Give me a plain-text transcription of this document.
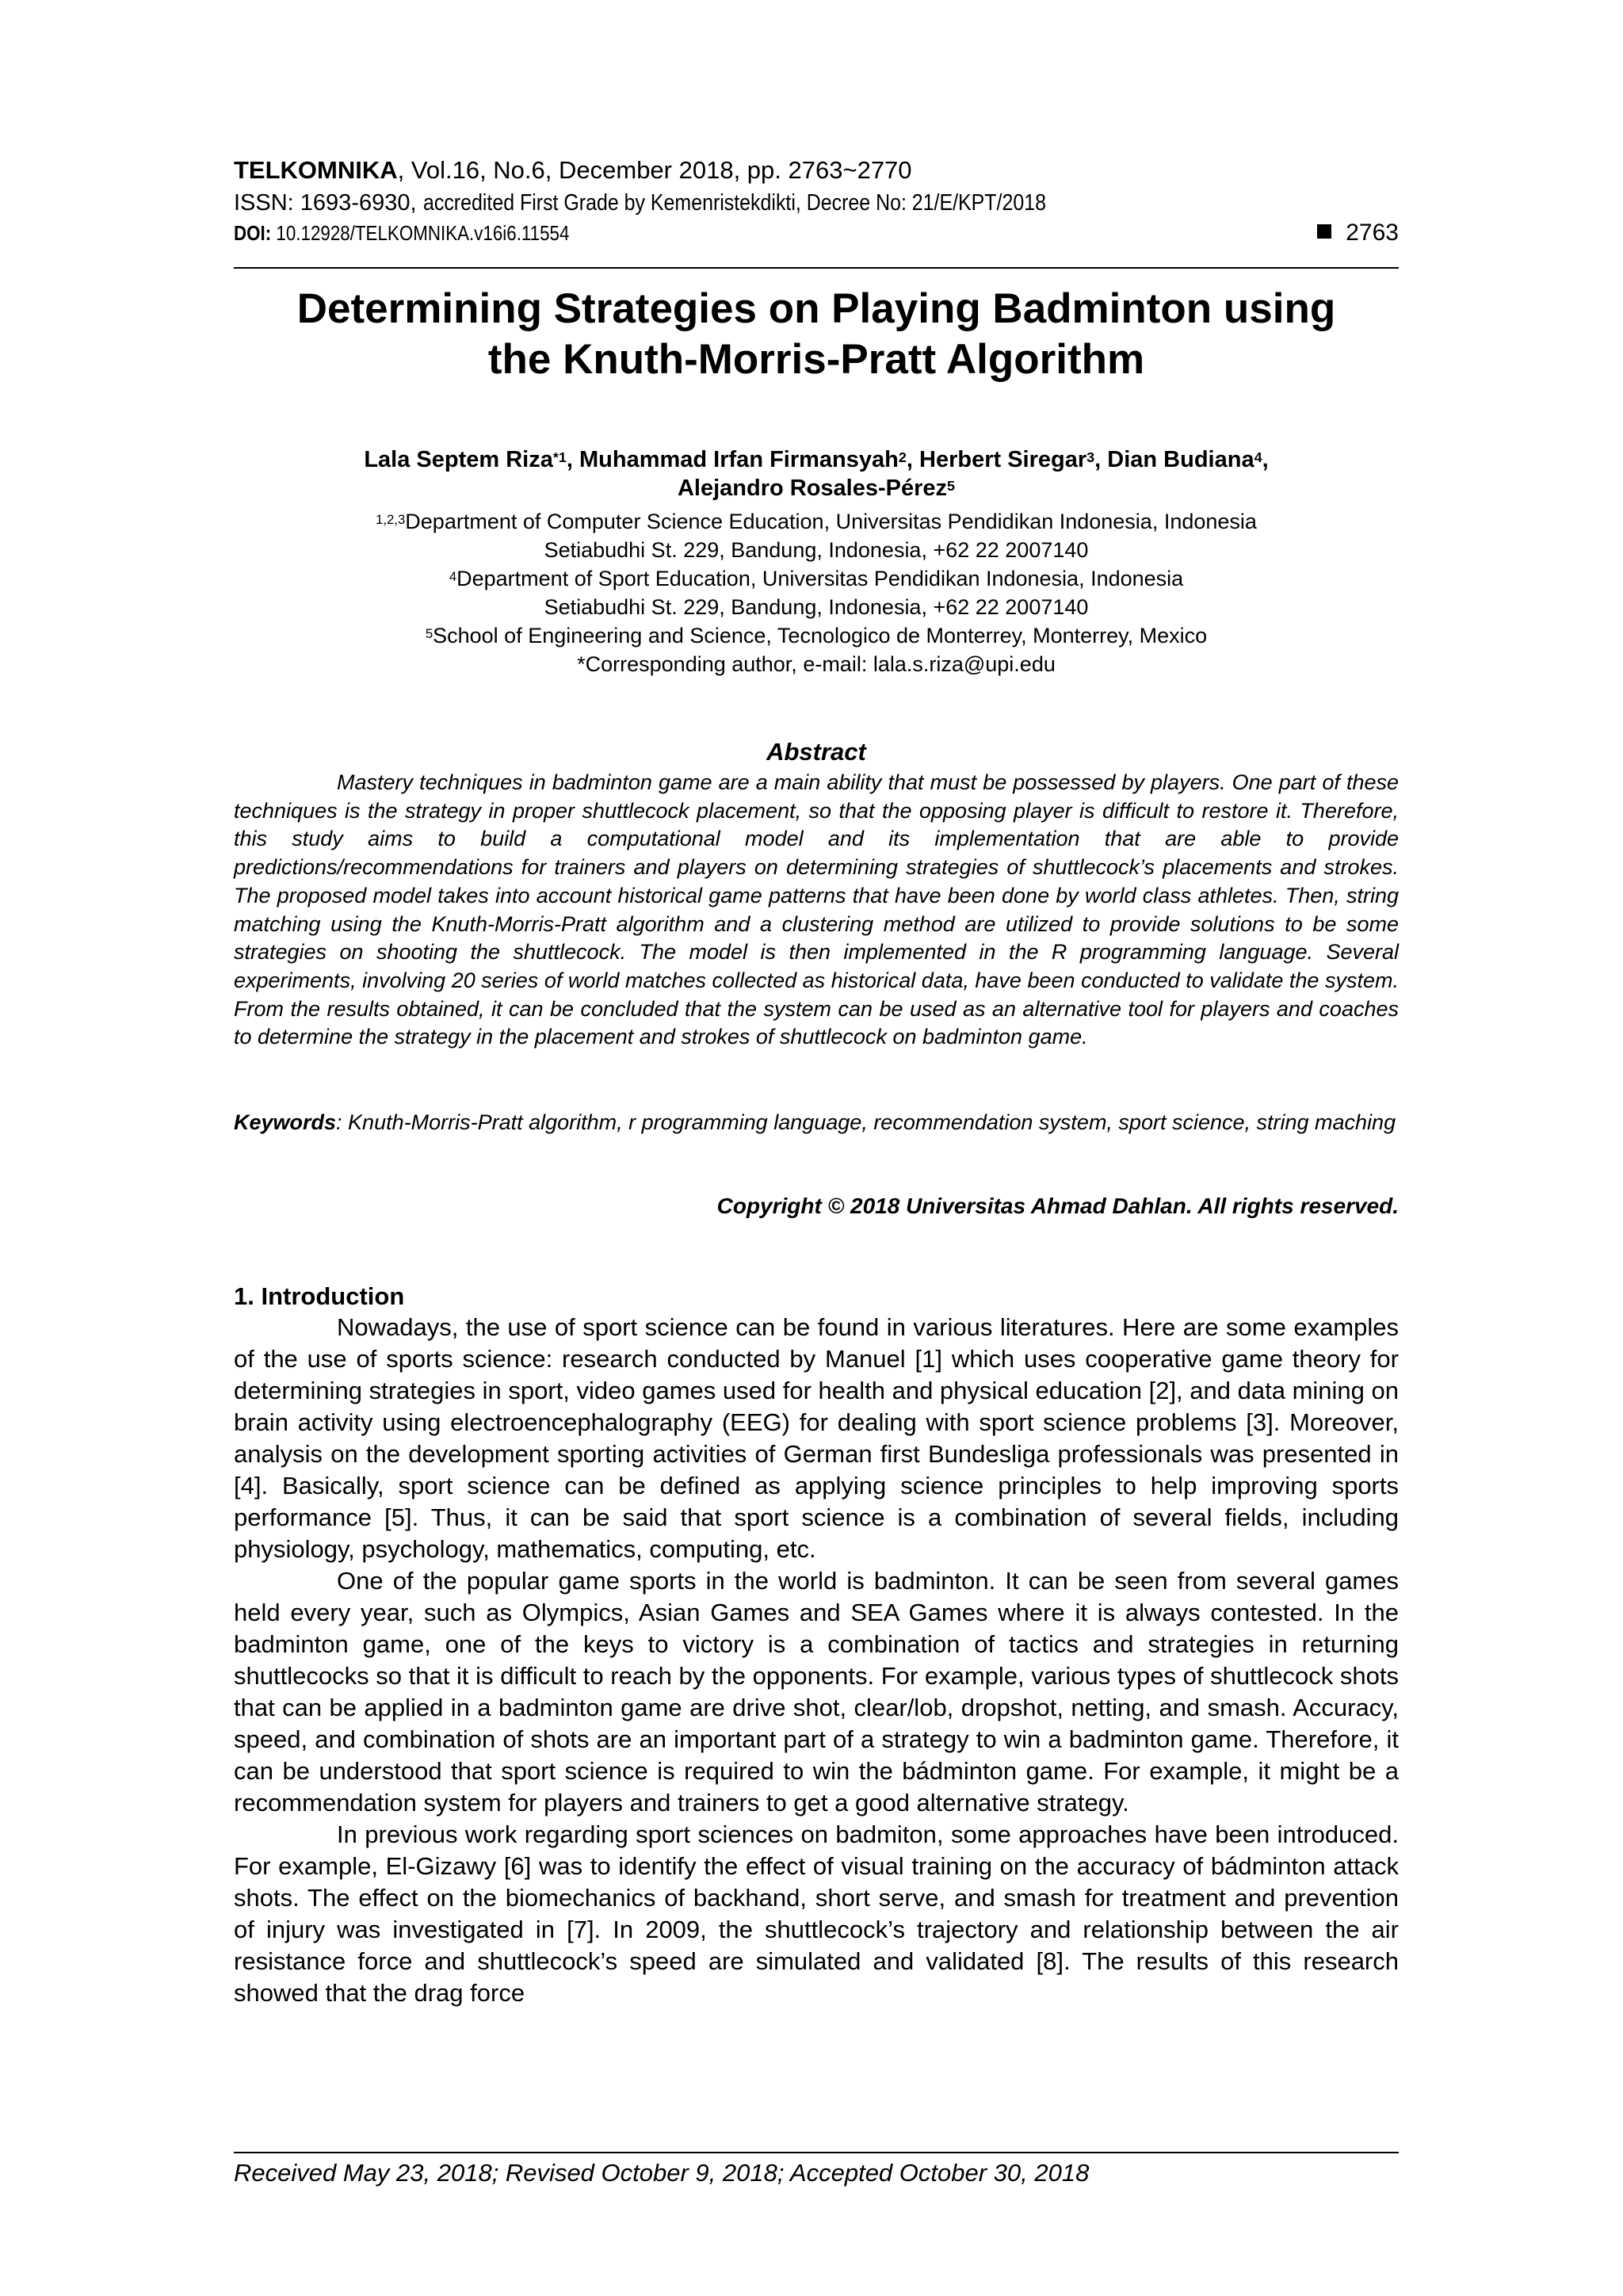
TELKOMNIKA, Vol.16, No.6, December 2018, pp. 2763~2770
ISSN: 1693-6930, accredited First Grade by Kemenristekdikti, Decree No: 21/E/KPT/2018
DOI: 10.12928/TELKOMNIKA.v16i6.11554	2763
Determining Strategies on Playing Badminton using
the Knuth-Morris-Pratt Algorithm
Lala Septem Riza$^{*1}$, Muhammad Irfan Firmansyah$^2$, Herbert Siregar$^3$, Dian Budiana$^4$,
Alejandro Rosales-Pérez$^5$
$^{1,2,3}$Department of Computer Science Education, Universitas Pendidikan Indonesia, Indonesia
Setiabudhi St. 229, Bandung, Indonesia, +62 22 2007140
$^4$Department of Sport Education, Universitas Pendidikan Indonesia, Indonesia
Setiabudhi St. 229, Bandung, Indonesia, +62 22 2007140
$^5$School of Engineering and Science, Tecnologico de Monterrey, Monterrey, Mexico
*Corresponding author, e-mail: lala.s.riza@upi.edu
Abstract

Mastery techniques in badminton game are a main ability that must be possessed by players. One part of these techniques is the strategy in proper shuttlecock placement, so that the opposing player is difficult to restore it. Therefore, this study aims to build a computational model and its implementation that are able to provide predictions/recommendations for trainers and players on determining strategies of shuttlecock’s placements and strokes. The proposed model takes into account historical game patterns that have been done by world class athletes. Then, string matching using the Knuth-Morris-Pratt algorithm and a clustering method are utilized to provide solutions to be some strategies on shooting the shuttlecock. The model is then implemented in the R programming language. Several experiments, involving 20 series of world matches collected as historical data, have been conducted to validate the system. From the results obtained, it can be concluded that the system can be used as an alternative tool for players and coaches to determine the strategy in the placement and strokes of shuttlecock on badminton game.

Keywords: Knuth-Morris-Pratt algorithm, r programming language, recommendation system, sport science, string maching

Copyright © 2018 Universitas Ahmad Dahlan. All rights reserved.
1. Introduction

Nowadays, the use of sport science can be found in various literatures. Here are some examples of the use of sports science: research conducted by Manuel [1] which uses cooperative game theory for determining strategies in sport, video games used for health and physical education [2], and data mining on brain activity using electroencephalography (EEG) for dealing with sport science problems [3]. Moreover, analysis on the development sporting activities of German first Bundesliga professionals was presented in [4]. Basically, sport science can be defined as applying science principles to help improving sports performance [5]. Thus, it can be said that sport science is a combination of several fields, including physiology, psychology, mathematics, computing, etc.

One of the popular game sports in the world is badminton. It can be seen from several games held every year, such as Olympics, Asian Games and SEA Games where it is always contested. In the badminton game, one of the keys to victory is a combination of tactics and strategies in returning shuttlecocks so that it is difficult to reach by the opponents. For example, various types of shuttlecock shots that can be applied in a badminton game are drive shot, clear/lob, dropshot, netting, and smash. Accuracy, speed, and combination of shots are an important part of a strategy to win a badminton game. Therefore, it can be understood that sport science is required to win the bádminton game. For example, it might be a recommendation system for players and trainers to get a good alternative strategy.

In previous work regarding sport sciences on badmiton, some approaches have been introduced. For example, El-Gizawy [6] was to identify the effect of visual training on the accuracy of bádminton attack shots. The effect on the biomechanics of backhand, short serve, and smash for treatment and prevention of injury was investigated in [7]. In 2009, the shuttlecock’s trajectory and relationship between the air resistance force and shuttlecock’s speed are simulated and validated [8]. The results of this research showed that the drag force

Received May 23, 2018; Revised October 9, 2018; Accepted October 30, 2018
